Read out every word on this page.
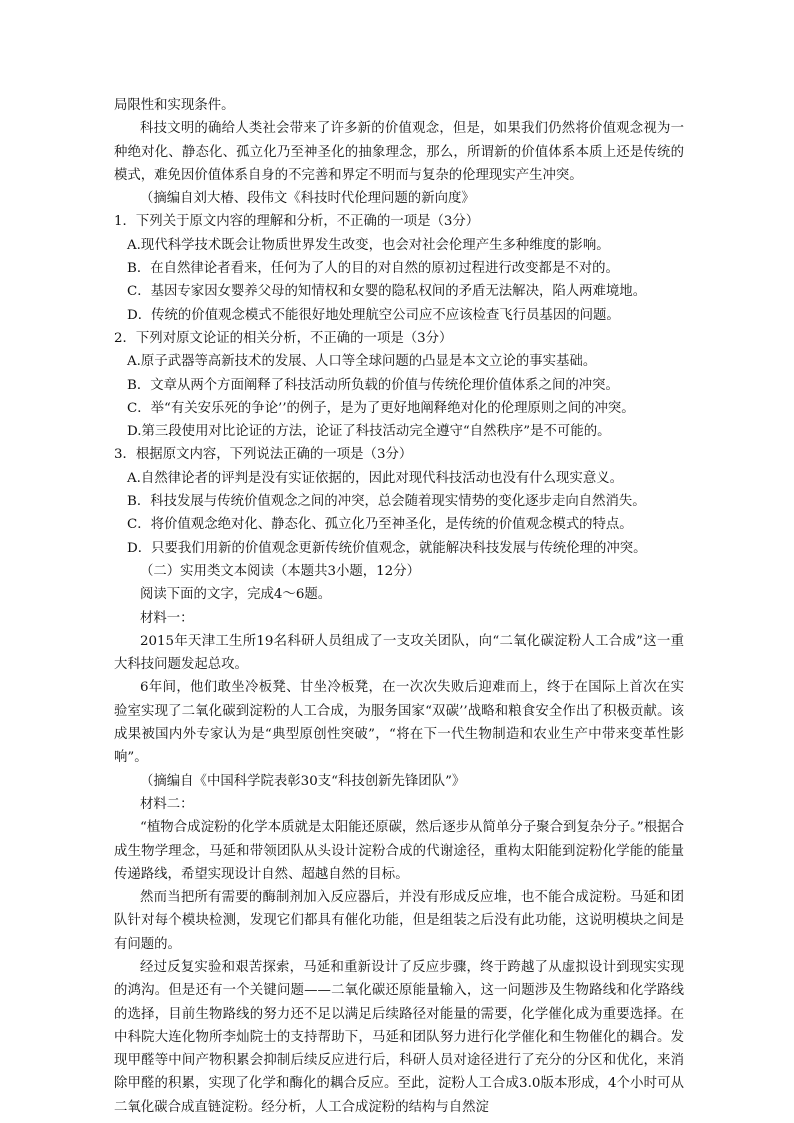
局限性和实现条件。

科技文明的确给人类社会带来了许多新的价值观念，但是，如果我们仍然将价值观念视为一种绝对化、静态化、孤立化乃至神圣化的抽象理念，那么，所谓新的价值体系本质上还是传统的模式，难免因价值体系自身的不完善和界定不明而与复杂的伦理现实产生冲突。

（摘编自刘大椿、段伟文《科技时代伦理问题的新向度》

1．下列关于原文内容的理解和分析，不正确的一项是（3分）

A.现代科学技术既会让物质世界发生改变，也会对社会伦理产生多种维度的影响。

B．在自然律论者看来，任何为了人的目的对自然的原初过程进行改变都是不对的。

C．基因专家因女婴养父母的知情权和女婴的隐私权间的矛盾无法解决，陷人两难境地。

D．传统的价值观念模式不能很好地处理航空公司应不应该检查飞行员基因的问题。

2．下列对原文论证的相关分析，不正确的一项是（3分）

A.原子武器等高新技术的发展、人口等全球问题的凸显是本文立论的事实基础。

B．文章从两个方面阐释了科技活动所负载的价值与传统伦理价值体系之间的冲突。

C．举“有关安乐死的争论’’的例子，是为了更好地阐释绝对化的伦理原则之间的冲突。

D.第三段使用对比论证的方法，论证了科技活动完全遵守“自然秩序”是不可能的。

3．根据原文内容，下列说法正确的一项是（3分）

A.自然律论者的评判是没有实证依据的，因此对现代科技活动也没有什么现实意义。

B．科技发展与传统价值观念之间的冲突，总会随着现实情势的变化逐步走向自然消失。

C．将价值观念绝对化、静态化、孤立化乃至神圣化，是传统的价值观念模式的特点。

D．只要我们用新的价值观念更新传统价值观念，就能解决科技发展与传统伦理的冲突。

（二）实用类文本阅读（本题共3小题，12分）

阅读下面的文字，完成4～6题。

材料一：

2015年天津工生所19名科研人员组成了一支攻关团队，向“二氧化碳淀粉人工合成”这一重大科技问题发起总攻。

6年间，他们敢坐冷板凳、甘坐冷板凳，在一次次失败后迎难而上，终于在国际上首次在实验室实现了二氧化碳到淀粉的人工合成，为服务国家“双碳’’战略和粮食安全作出了积极贡献。该成果被国内外专家认为是“典型原创性突破”，“将在下一代生物制造和农业生产中带来变革性影响”。

（摘编自《中国科学院表彰30支“科技创新先锋团队”》

材料二：

“植物合成淀粉的化学本质就是太阳能还原碳，然后逐步从简单分子聚合到复杂分子。”根据合成生物学理念，马延和带领团队从头设计淀粉合成的代谢途径，重构太阳能到淀粉化学能的能量传递路线，希望实现设计自然、超越自然的目标。

然而当把所有需要的酶制剂加入反应器后，并没有形成反应堆，也不能合成淀粉。马延和团队针对每个模块检测，发现它们都具有催化功能，但是组装之后没有此功能，这说明模块之间是有问题的。

经过反复实验和艰苦探索，马延和重新设计了反应步骤，终于跨越了从虚拟设计到现实实现的鸿沟。但是还有一个关键问题——二氧化碳还原能量输入，这一问题涉及生物路线和化学路线的选择，目前生物路线的努力还不足以满足后续路径对能量的需要，化学催化成为重要选择。在中科院大连化物所李灿院士的支持帮助下，马延和团队努力进行化学催化和生物催化的耦合。发现甲醛等中间产物积累会抑制后续反应进行后，科研人员对途径进行了充分的分区和优化，来消除甲醛的积累，实现了化学和酶化的耦合反应。至此，淀粉人工合成3.0版本形成，4个小时可从二氧化碳合成直链淀粉。经分析，人工合成淀粉的结构与自然淀
